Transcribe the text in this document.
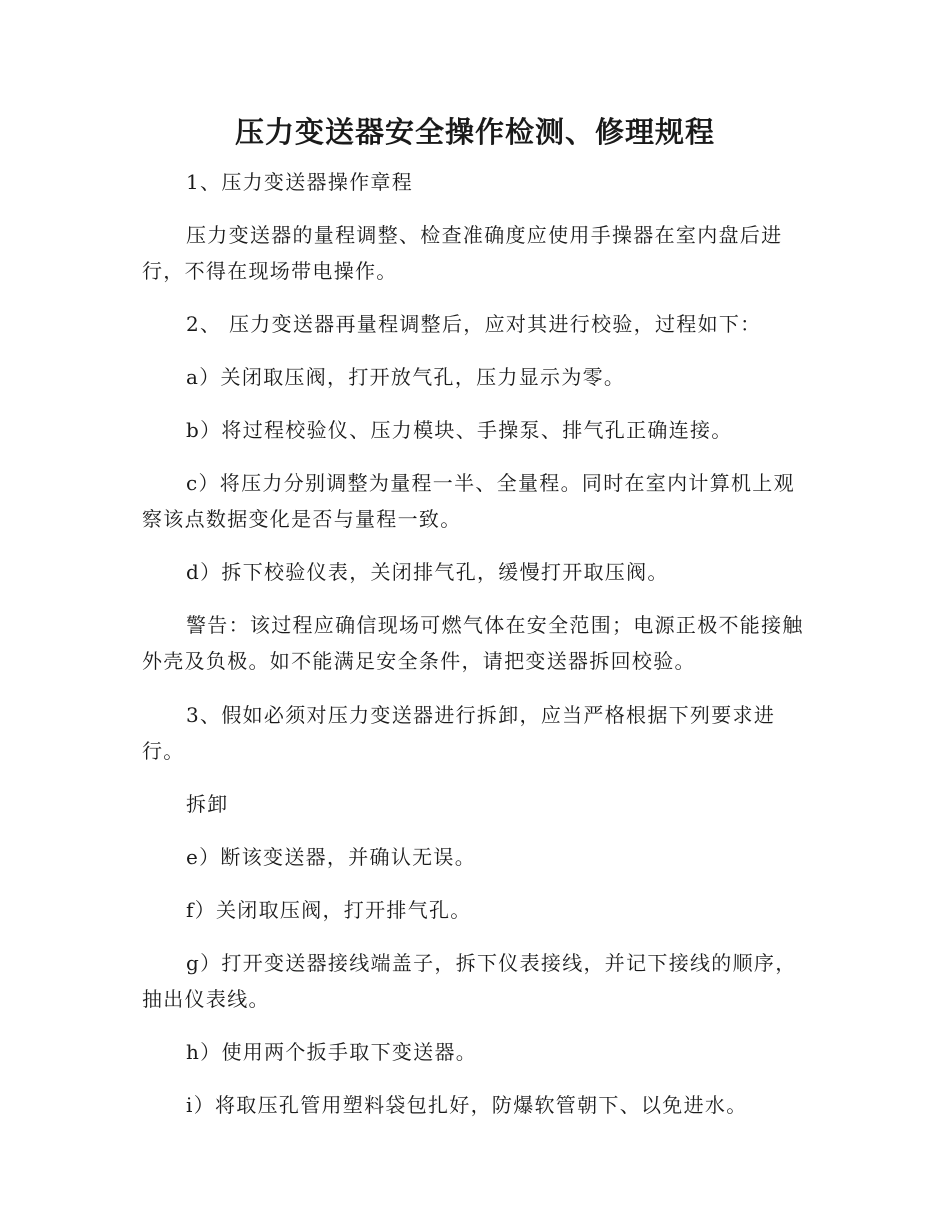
压力变送器安全操作检测、修理规程

1、压力变送器操作章程

压力变送器的量程调整、检查准确度应使用手操器在室内盘后进行，不得在现场带电操作。

2、 压力变送器再量程调整后，应对其进行校验，过程如下：

a）关闭取压阀，打开放气孔，压力显示为零。

b）将过程校验仪、压力模块、手操泵、排气孔正确连接。

c）将压力分别调整为量程一半、全量程。同时在室内计算机上观察该点数据变化是否与量程一致。

d）拆下校验仪表，关闭排气孔，缓慢打开取压阀。

警告：该过程应确信现场可燃气体在安全范围；电源正极不能接触外壳及负极。如不能满足安全条件，请把变送器拆回校验。

3、假如必须对压力变送器进行拆卸，应当严格根据下列要求进行。

拆卸

e）断该变送器，并确认无误。

f）关闭取压阀，打开排气孔。

g）打开变送器接线端盖子，拆下仪表接线，并记下接线的顺序，抽出仪表线。

h）使用两个扳手取下变送器。

i）将取压孔管用塑料袋包扎好，防爆软管朝下、以免进水。
